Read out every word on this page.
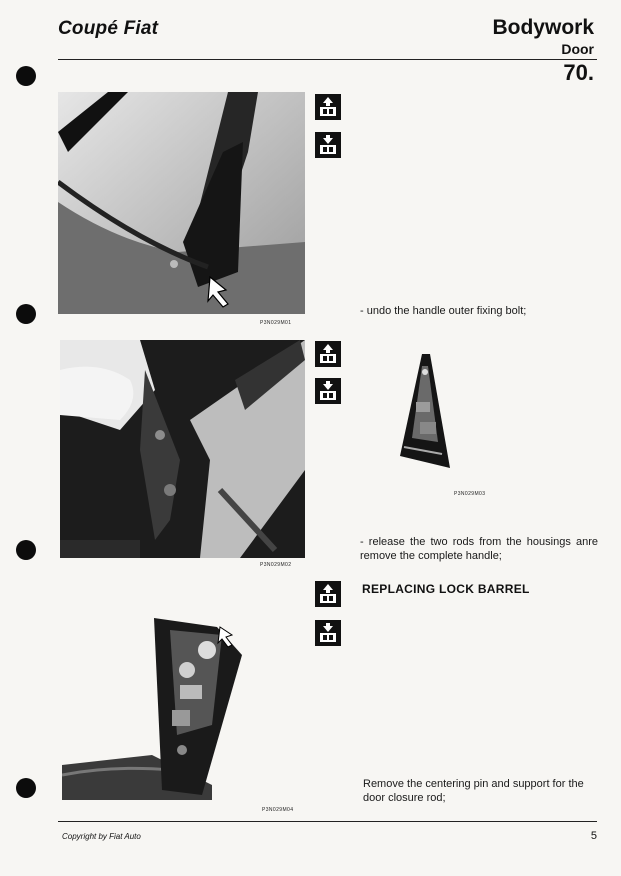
Coupé Fiat	Bodywork
Door
70.
P3N029M01
- undo the handle outer fixing bolt;
P3N029M02
P3N029M03
- release the two rods from the housings anre remove the complete handle;
REPLACING LOCK BARREL
P3N029M04
Remove the centering pin and support for the door closure rod;
Copyright by Fiat Auto	5
